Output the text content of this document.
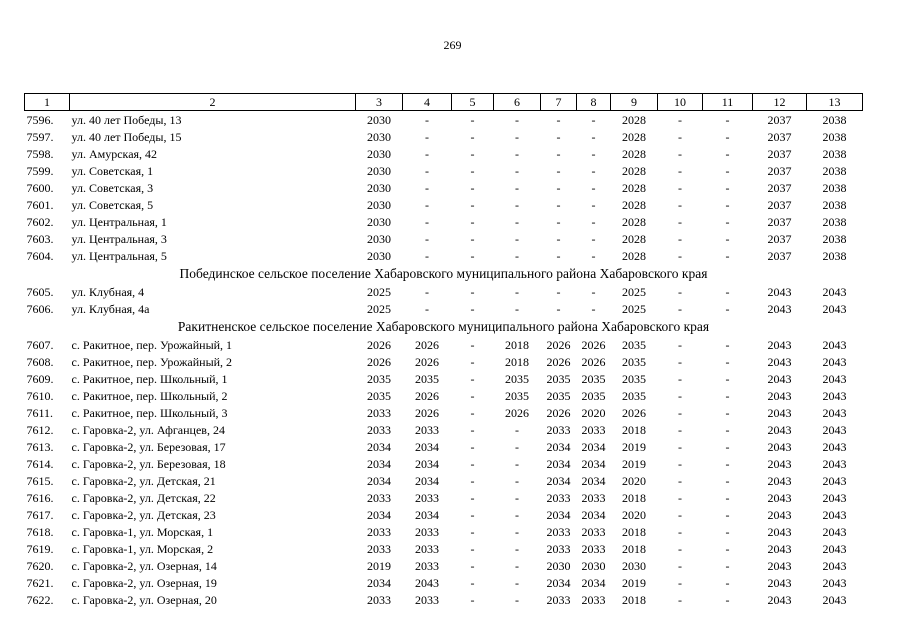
269
1	2	3	4	5	6	7	8	9	10	11	12	13
7596.	ул. 40 лет Победы, 13	2030	-	-	-	-	-	2028	-	-	2037	2038
7597.	ул. 40 лет Победы, 15	2030	-	-	-	-	-	2028	-	-	2037	2038
7598.	ул. Амурская, 42	2030	-	-	-	-	-	2028	-	-	2037	2038
7599.	ул. Советская, 1	2030	-	-	-	-	-	2028	-	-	2037	2038
7600.	ул. Советская, 3	2030	-	-	-	-	-	2028	-	-	2037	2038
7601.	ул. Советская, 5	2030	-	-	-	-	-	2028	-	-	2037	2038
7602.	ул. Центральная, 1	2030	-	-	-	-	-	2028	-	-	2037	2038
7603.	ул. Центральная, 3	2030	-	-	-	-	-	2028	-	-	2037	2038
7604.	ул. Центральная, 5	2030	-	-	-	-	-	2028	-	-	2037	2038
Побединское сельское поселение Хабаровского муниципального района Хабаровского края												
7605.	ул. Клубная, 4	2025	-	-	-	-	-	2025	-	-	2043	2043
7606.	ул. Клубная, 4а	2025	-	-	-	-	-	2025	-	-	2043	2043
Ракитненское сельское поселение Хабаровского муниципального района Хабаровского края												
7607.	с. Ракитное, пер. Урожайный, 1	2026	2026	-	2018	2026	2026	2035	-	-	2043	2043
7608.	с. Ракитное, пер. Урожайный, 2	2026	2026	-	2018	2026	2026	2035	-	-	2043	2043
7609.	с. Ракитное, пер. Школьный, 1	2035	2035	-	2035	2035	2035	2035	-	-	2043	2043
7610.	с. Ракитное, пер. Школьный, 2	2035	2026	-	2035	2035	2035	2035	-	-	2043	2043
7611.	с. Ракитное, пер. Школьный, 3	2033	2026	-	2026	2026	2020	2026	-	-	2043	2043
7612.	с. Гаровка-2, ул. Афганцев, 24	2033	2033	-	-	2033	2033	2018	-	-	2043	2043
7613.	с. Гаровка-2, ул. Березовая, 17	2034	2034	-	-	2034	2034	2019	-	-	2043	2043
7614.	с. Гаровка-2, ул. Березовая, 18	2034	2034	-	-	2034	2034	2019	-	-	2043	2043
7615.	с. Гаровка-2, ул. Детская, 21	2034	2034	-	-	2034	2034	2020	-	-	2043	2043
7616.	с. Гаровка-2, ул. Детская, 22	2033	2033	-	-	2033	2033	2018	-	-	2043	2043
7617.	с. Гаровка-2, ул. Детская, 23	2034	2034	-	-	2034	2034	2020	-	-	2043	2043
7618.	с. Гаровка-1, ул. Морская, 1	2033	2033	-	-	2033	2033	2018	-	-	2043	2043
7619.	с. Гаровка-1, ул. Морская, 2	2033	2033	-	-	2033	2033	2018	-	-	2043	2043
7620.	с. Гаровка-2, ул. Озерная, 14	2019	2033	-	-	2030	2030	2030	-	-	2043	2043
7621.	с. Гаровка-2, ул. Озерная, 19	2034	2043	-	-	2034	2034	2019	-	-	2043	2043
7622.	с. Гаровка-2, ул. Озерная, 20	2033	2033	-	-	2033	2033	2018	-	-	2043	2043
